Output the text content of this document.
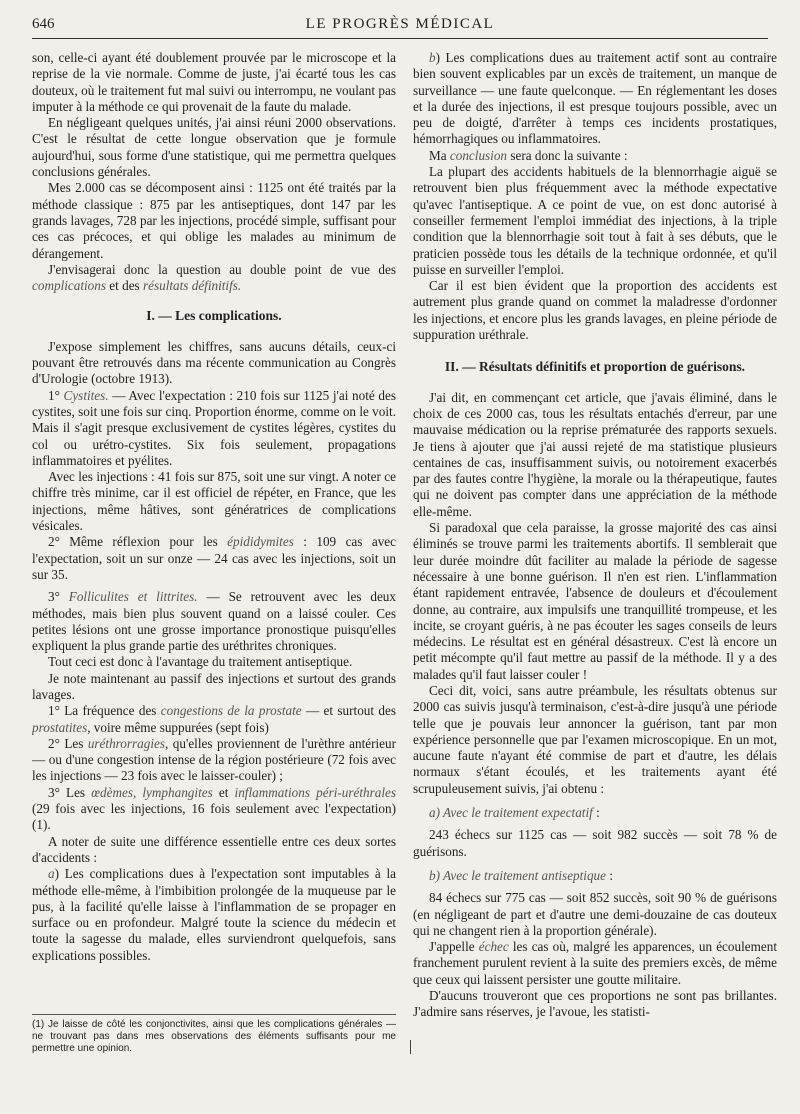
646	LE PROGRÈS MÉDICAL

son, celle-ci ayant été doublement prouvée par le microscope et la reprise de la vie normale. Comme de juste, j'ai écarté tous les cas douteux, où le traitement fut mal suivi ou interrompu, ne voulant pas imputer à la méthode ce qui provenait de la faute du malade.

En négligeant quelques unités, j'ai ainsi réuni 2000 observations. C'est le résultat de cette longue observation que je formule aujourd'hui, sous forme d'une statistique, qui me permettra quelques conclusions générales.

Mes 2.000 cas se décomposent ainsi : 1125 ont été traités par la méthode classique : 875 par les antiseptiques, dont 147 par les grands lavages, 728 par les injections, procédé simple, suffisant pour ces cas précoces, et qui oblige les malades au minimum de dérangement.

J'envisagerai donc la question au double point de vue des complications et des résultats définitifs.

I. — Les complications.

J'expose simplement les chiffres, sans aucuns détails, ceux-ci pouvant être retrouvés dans ma récente communication au Congrès d'Urologie (octobre 1913).

1° Cystites. — Avec l'expectation : 210 fois sur 1125 j'ai noté des cystites, soit une fois sur cinq. Proportion énorme, comme on le voit. Mais il s'agit presque exclusivement de cystites légères, cystites du col ou urétro-cystites. Six fois seulement, propagations inflammatoires et pyélites.

Avec les injections : 41 fois sur 875, soit une sur vingt. A noter ce chiffre très minime, car il est officiel de répéter, en France, que les injections, même hâtives, sont génératrices de complications vésicales.

2° Même réflexion pour les épididymites : 109 cas avec l'expectation, soit un sur onze — 24 cas avec les injections, soit un sur 35.

3° Folliculites et littrites. — Se retrouvent avec les deux méthodes, mais bien plus souvent quand on a laissé couler. Ces petites lésions ont une grosse importance pronostique puisqu'elles expliquent la plus grande partie des uréthrites chroniques.

Tout ceci est donc à l'avantage du traitement antiseptique.

Je note maintenant au passif des injections et surtout des grands lavages.

1° La fréquence des congestions de la prostate — et surtout des prostatites, voire même suppurées (sept fois)

2° Les uréthrorragies, qu'elles proviennent de l'urèthre antérieur — ou d'une congestion intense de la région postérieure (72 fois avec les injections — 23 fois avec le laisser-couler) ;

3° Les œdèmes, lymphangites et inflammations péri-uréthrales (29 fois avec les injections, 16 fois seulement avec l'expectation) (1).

A noter de suite une différence essentielle entre ces deux sortes d'accidents :

a) Les complications dues à l'expectation sont imputables à la méthode elle-même, à l'imbibition prolongée de la muqueuse par le pus, à la facilité qu'elle laisse à l'inflammation de se propager en surface ou en profondeur. Malgré toute la science du médecin et toute la sagesse du malade, elles surviendront quelquefois, sans explications possibles.

(1) Je laisse de côté les conjonctivites, ainsi que les complications générales — ne trouvant pas dans mes observations des éléments suffisants pour me permettre une opinion.

b) Les complications dues au traitement actif sont au contraire bien souvent explicables par un excès de traitement, un manque de surveillance — une faute quelconque. — En réglementant les doses et la durée des injections, il est presque toujours possible, avec un peu de doigté, d'arrêter à temps ces incidents prostatiques, hémorrhagiques ou inflammatoires.

Ma conclusion sera donc la suivante :

La plupart des accidents habituels de la blennorrhagie aiguë se retrouvent bien plus fréquemment avec la méthode expectative qu'avec l'antiseptique. A ce point de vue, on est donc autorisé à conseiller fermement l'emploi immédiat des injections, à la triple condition que la blennorrhagie soit tout à fait à ses débuts, que le praticien possède tous les détails de la technique ordonnée, et qu'il puisse en surveiller l'emploi.

Car il est bien évident que la proportion des accidents est autrement plus grande quand on commet la maladresse d'ordonner les injections, et encore plus les grands lavages, en pleine période de suppuration uréthrale.

II. — Résultats définitifs et proportion de guérisons.

J'ai dit, en commençant cet article, que j'avais éliminé, dans le choix de ces 2000 cas, tous les résultats entachés d'erreur, par une mauvaise médication ou la reprise prématurée des rapports sexuels. Je tiens à ajouter que j'ai aussi rejeté de ma statistique plusieurs centaines de cas, insuffisamment suivis, ou notoirement exacerbés par des fautes contre l'hygiène, la morale ou la thérapeutique, fautes qui ne doivent pas compter dans une appréciation de la méthode elle-même.

Si paradoxal que cela paraisse, la grosse majorité des cas ainsi éliminés se trouve parmi les traitements abortifs. Il semblerait que leur durée moindre dût faciliter au malade la période de sagesse nécessaire à une bonne guérison. Il n'en est rien. L'inflammation étant rapidement entravée, l'absence de douleurs et d'écoulement donne, au contraire, aux impulsifs une tranquillité trompeuse, et les incite, se croyant guéris, à ne pas écouter les sages conseils de leurs médecins. Le résultat est en général désastreux. C'est là encore un petit mécompte qu'il faut mettre au passif de la méthode. Il y a des malades qu'il faut laisser couler !

Ceci dit, voici, sans autre préambule, les résultats obtenus sur 2000 cas suivis jusqu'à terminaison, c'est-à-dire jusqu'à une période telle que je pouvais leur annoncer la guérison, tant par mon expérience personnelle que par l'examen microscopique. En un mot, aucune faute n'ayant été commise de part et d'autre, les délais normaux s'étant écoulés, et les traitements ayant été scrupuleusement suivis, j'ai obtenu :

a) Avec le traitement expectatif :

243 échecs sur 1125 cas — soit 982 succès — soit 78 % de guérisons.

b) Avec le traitement antiseptique :

84 échecs sur 775 cas — soit 852 succès, soit 90 % de guérisons (en négligeant de part et d'autre une demi-douzaine de cas douteux qui ne changent rien à la proportion générale).

J'appelle échec les cas où, malgré les apparences, un écoulement franchement purulent revient à la suite des premiers excès, de même que ceux qui laissent persister une goutte militaire.

D'aucuns trouveront que ces proportions ne sont pas brillantes. J'admire sans réserves, je l'avoue, les statisti-
